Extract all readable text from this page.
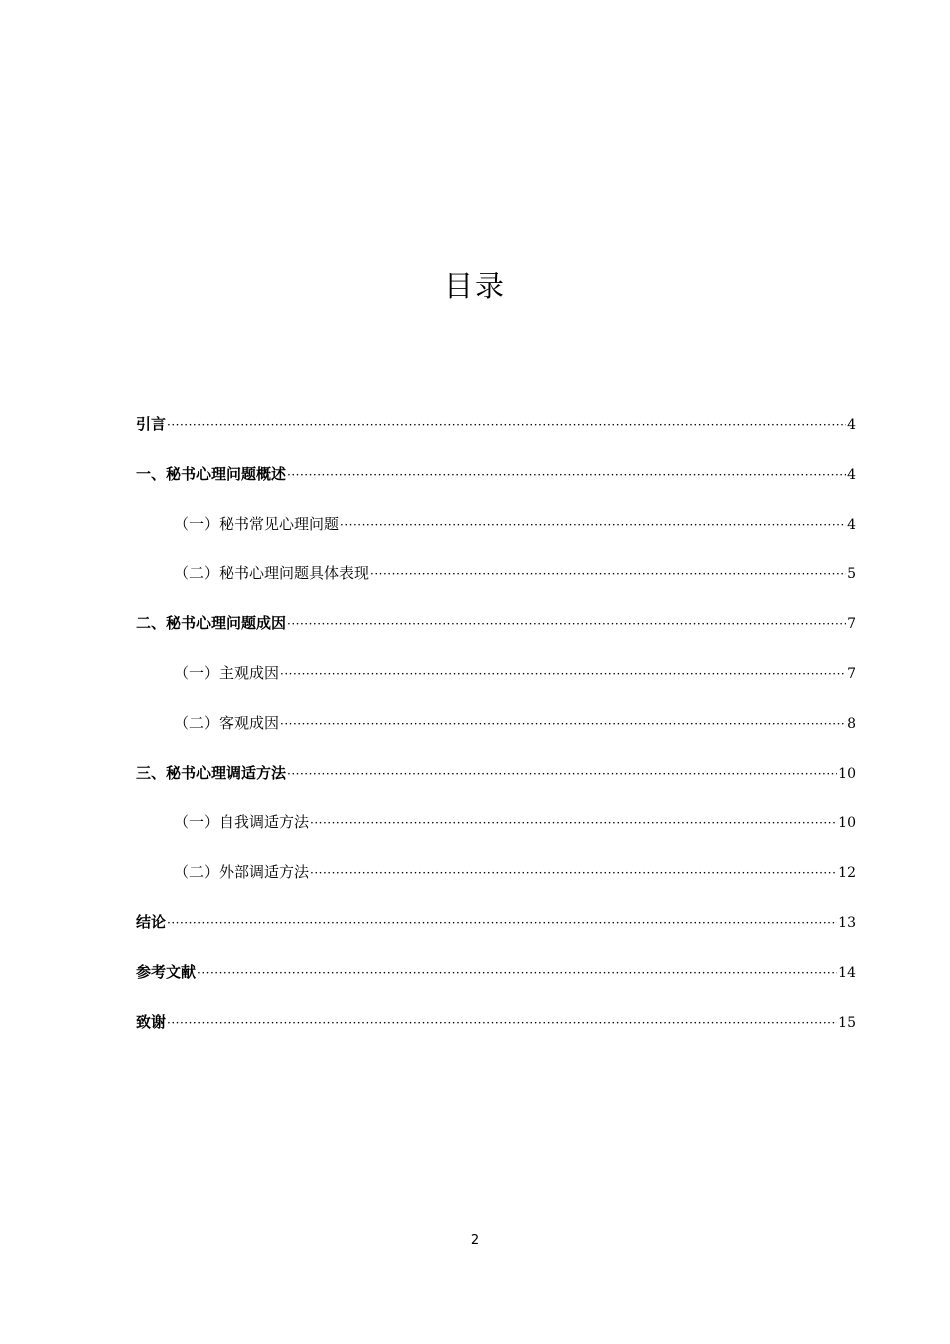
目录
引言 ·····	4
一、秘书心理问题概述 ·····	4
（一）秘书常见心理问题 ·····	4
（二）秘书心理问题具体表现 ·····	5
二、秘书心理问题成因 ·····	7
（一）主观成因 ·····	7
（二）客观成因 ·····	8
三、秘书心理调适方法 ·····	10
（一）自我调适方法 ·····	10
（二）外部调适方法 ·····	12
结论 ·····	13
参考文献 ·····	14
致谢 ·····	15
2
